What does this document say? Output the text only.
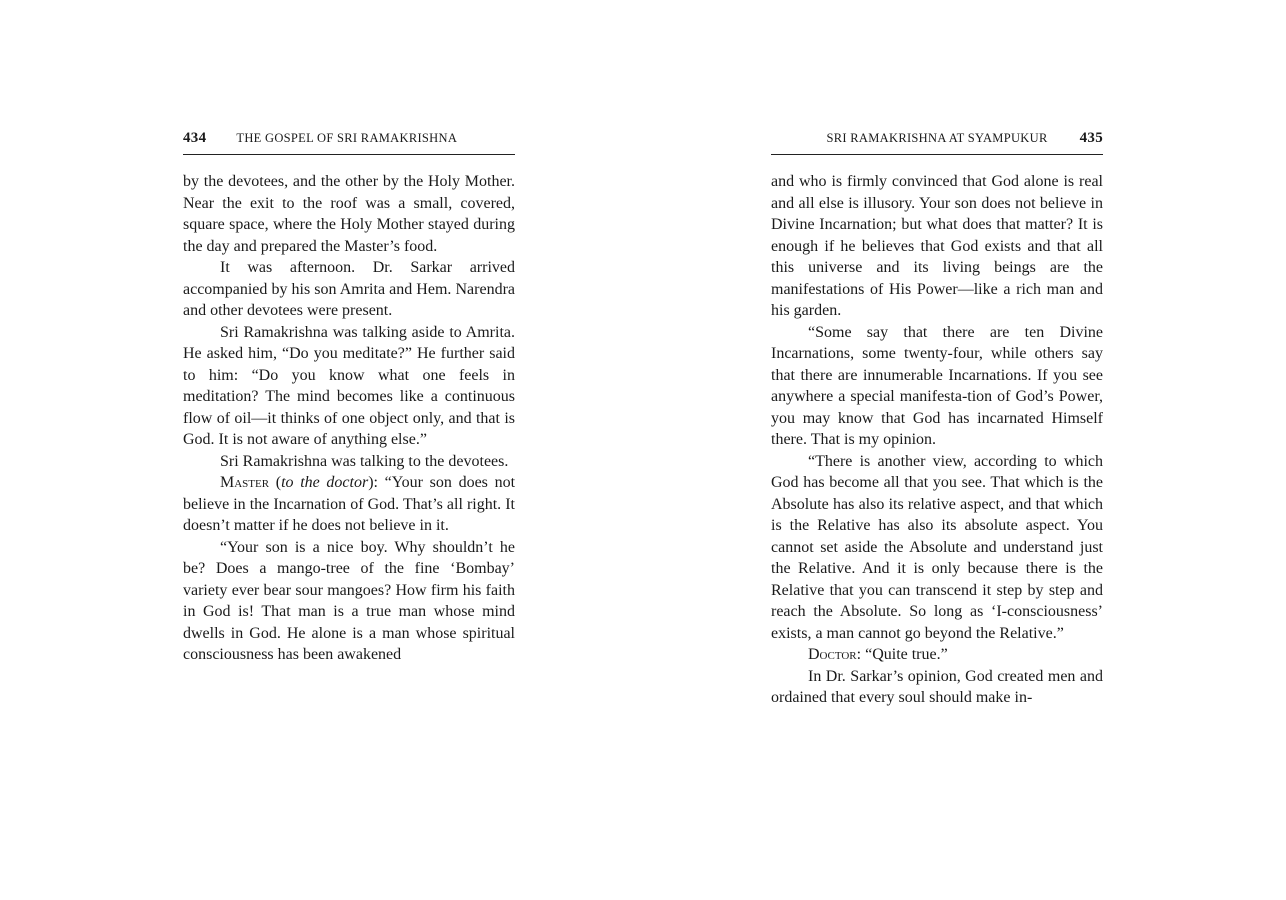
434 THE GOSPEL OF SRI RAMAKRISHNA

by the devotees, and the other by the Holy Mother. Near the exit to the roof was a small, covered, square space, where the Holy Mother stayed during the day and prepared the Master’s food.

It was afternoon. Dr. Sarkar arrived accompanied by his son Amrita and Hem. Narendra and other devotees were present.

Sri Ramakrishna was talking aside to Amrita. He asked him, “Do you meditate?” He further said to him: “Do you know what one feels in meditation? The mind becomes like a continuous flow of oil—it thinks of one object only, and that is God. It is not aware of anything else.”

Sri Ramakrishna was talking to the devotees.

Master (to the doctor): “Your son does not believe in the Incarnation of God. That’s all right. It doesn’t matter if he does not believe in it.

“Your son is a nice boy. Why shouldn’t he be? Does a mango-tree of the fine ‘Bombay’ variety ever bear sour mangoes? How firm his faith in God is! That man is a true man whose mind dwells in God. He alone is a man whose spiritual consciousness has been awakened

SRI RAMAKRISHNA AT SYAMPUKUR 435

and who is firmly convinced that God alone is real and all else is illusory. Your son does not believe in Divine Incarnation; but what does that matter? It is enough if he believes that God exists and that all this universe and its living beings are the manifestations of His Power—like a rich man and his garden.

“Some say that there are ten Divine Incarnations, some twenty-four, while others say that there are innumerable Incarnations. If you see anywhere a special manifesta-tion of God’s Power, you may know that God has incarnated Himself there. That is my opinion.

“There is another view, according to which God has become all that you see. That which is the Absolute has also its relative aspect, and that which is the Relative has also its absolute aspect. You cannot set aside the Absolute and understand just the Relative. And it is only because there is the Relative that you can transcend it step by step and reach the Absolute. So long as ‘I-consciousness’ exists, a man cannot go beyond the Relative.”

Doctor: “Quite true.”

In Dr. Sarkar’s opinion, God created men and ordained that every soul should make in-
